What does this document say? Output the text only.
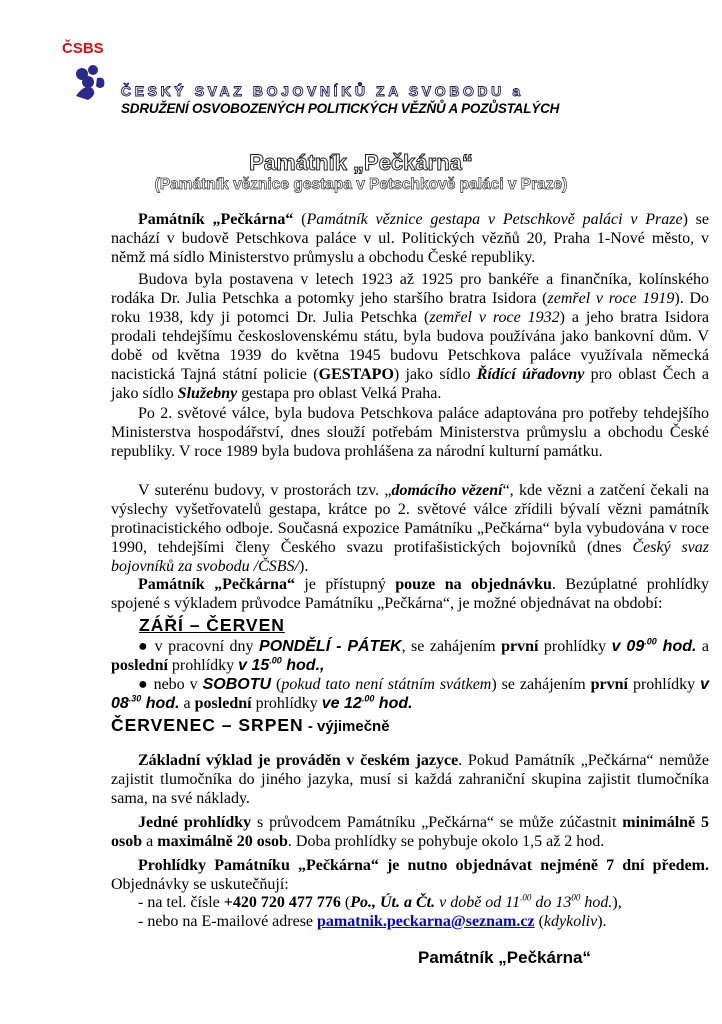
ČSBS
ČESKÝ SVAZ BOJOVNÍKŮ ZA SVOBODU a
SDRUŽENÍ OSVOBOZENÝCH POLITICKÝCH VĚZŇŮ A POZŮSTALÝCH
Památník „Pečkárna“
(Památník věznice gestapa v Petschkově paláci v Praze)

Památník „Pečkárna“ (Památník věznice gestapa v Petschkově paláci v Praze) se nachází v budově Petschkova paláce v ul. Politických vězňů 20, Praha 1-Nové město, v němž má sídlo Ministerstvo průmyslu a obchodu České republiky.

Budova byla postavena v letech 1923 až 1925 pro bankéře a finančníka, kolínského rodáka Dr. Julia Petschka a potomky jeho staršího bratra Isidora (zemřel v roce 1919). Do roku 1938, kdy ji potomci Dr. Julia Petschka (zemřel v roce 1932) a jeho bratra Isidora prodali tehdejšímu československému státu, byla budova používána jako bankovní dům. V době od května 1939 do května 1945 budovu Petschkova paláce využívala německá nacistická Tajná státní policie (GESTAPO) jako sídlo Řídící úřadovny pro oblast Čech a jako sídlo Služebny gestapa pro oblast Velká Praha.

Po 2. světové válce, byla budova Petschkova paláce adaptována pro potřeby tehdejšího Ministerstva hospodářství, dnes slouží potřebám Ministerstva průmyslu a obchodu České republiky. V roce 1989 byla budova prohlášena za národní kulturní památku.

V suterénu budovy, v prostorách tzv. „domácího vězení“, kde vězni a zatčení čekali na výslechy vyšetřovatelů gestapa, krátce po 2. světové válce zřídili bývalí vězni památník protinacistického odboje. Současná expozice Památníku „Pečkárna“ byla vybudována v roce 1990, tehdejšími členy Českého svazu protifašistických bojovníků (dnes Český svaz bojovníků za svobodu /ČSBS/).

Památník „Pečkárna“ je přístupný pouze na objednávku. Bezúplatné prohlídky spojené s výkladem průvodce Památníku „Pečkárna“, je možné objednávat na období:

ZÁŘÍ – ČERVEN

● v pracovní dny PONDĚLÍ - PÁTEK, se zahájením první prohlídky v $09^{.00}$ hod. a poslední prohlídky v $15^{.00}$ hod.,

● nebo v SOBOTU (pokud tato není státním svátkem) se zahájením první prohlídky v $08^{.30}$ hod. a poslední prohlídky ve $12^{.00}$ hod.

ČERVENEC – SRPEN - výjimečně

Základní výklad je prováděn v českém jazyce. Pokud Památník „Pečkárna“ nemůže zajistit tlumočníka do jiného jazyka, musí si každá zahraniční skupina zajistit tlumočníka sama, na své náklady.

Jedné prohlídky s průvodcem Památníku „Pečkárna“ se může zúčastnit minimálně 5 osob a maximálně 20 osob. Doba prohlídky se pohybuje okolo 1,5 až 2 hod.

Prohlídky Památníku „Pečkárna“ je nutno objednávat nejméně 7 dní předem. Objednávky se uskutečňují:

- na tel. čísle +420 720 477 776 (Po., Út. a Čt. v době od $11^{.00}$ do $13^{00}$ hod.),
- nebo na E-mailové adrese pamatnik.peckarna@seznam.cz (kdykoliv).
Památník „Pečkárna“
